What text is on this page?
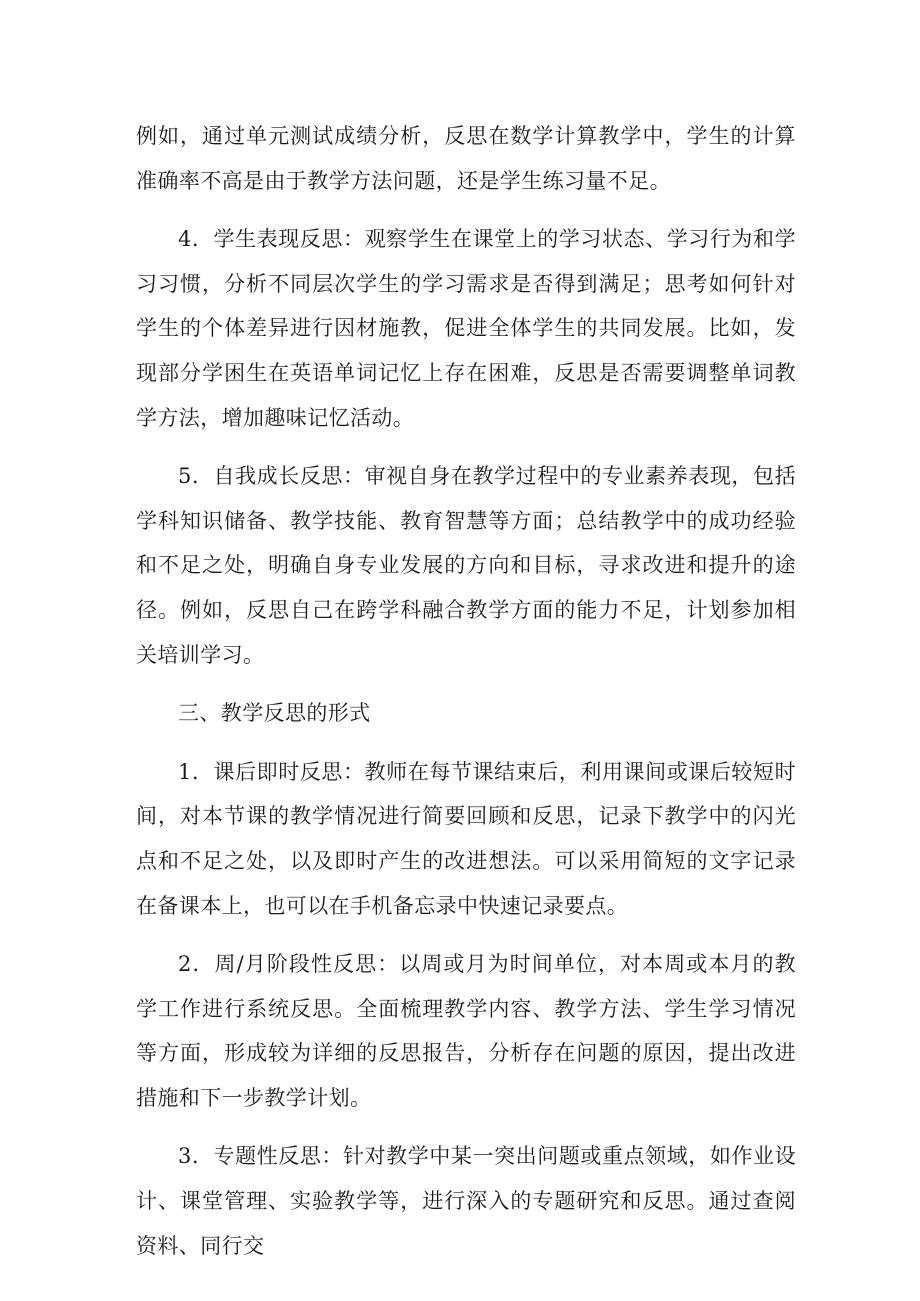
例如，通过单元测试成绩分析，反思在数学计算教学中，学生的计算准确率不高是由于教学方法问题，还是学生练习量不足。

4．学生表现反思：观察学生在课堂上的学习状态、学习行为和学习习惯，分析不同层次学生的学习需求是否得到满足；思考如何针对学生的个体差异进行因材施教，促进全体学生的共同发展。比如，发现部分学困生在英语单词记忆上存在困难，反思是否需要调整单词教学方法，增加趣味记忆活动。

5．自我成长反思：审视自身在教学过程中的专业素养表现，包括学科知识储备、教学技能、教育智慧等方面；总结教学中的成功经验和不足之处，明确自身专业发展的方向和目标，寻求改进和提升的途径。例如，反思自己在跨学科融合教学方面的能力不足，计划参加相关培训学习。

三、教学反思的形式

1．课后即时反思：教师在每节课结束后，利用课间或课后较短时间，对本节课的教学情况进行简要回顾和反思，记录下教学中的闪光点和不足之处，以及即时产生的改进想法。可以采用简短的文字记录在备课本上，也可以在手机备忘录中快速记录要点。

2．周/月阶段性反思：以周或月为时间单位，对本周或本月的教学工作进行系统反思。全面梳理教学内容、教学方法、学生学习情况等方面，形成较为详细的反思报告，分析存在问题的原因，提出改进措施和下一步教学计划。

3．专题性反思：针对教学中某一突出问题或重点领域，如作业设计、课堂管理、实验教学等，进行深入的专题研究和反思。通过查阅资料、同行交
